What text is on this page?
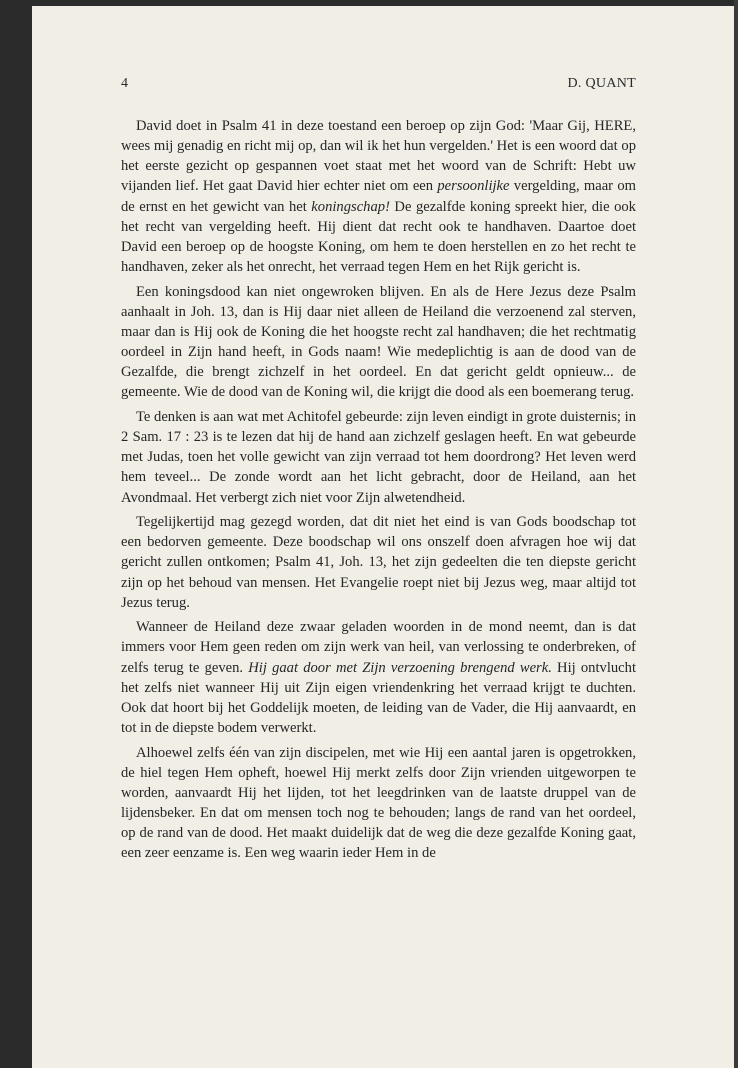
4	D. QUANT

David doet in Psalm 41 in deze toestand een beroep op zijn God: 'Maar Gij, HERE, wees mij genadig en richt mij op, dan wil ik het hun vergelden.' Het is een woord dat op het eerste gezicht op gespannen voet staat met het woord van de Schrift: Hebt uw vijanden lief. Het gaat David hier echter niet om een persoonlijke vergelding, maar om de ernst en het gewicht van het koningschap! De gezalfde koning spreekt hier, die ook het recht van vergelding heeft. Hij dient dat recht ook te handhaven. Daartoe doet David een beroep op de hoogste Koning, om hem te doen herstellen en zo het recht te handhaven, zeker als het onrecht, het verraad tegen Hem en het Rijk gericht is.

Een koningsdood kan niet ongewroken blijven. En als de Here Jezus deze Psalm aanhaalt in Joh. 13, dan is Hij daar niet alleen de Heiland die verzoenend zal sterven, maar dan is Hij ook de Koning die het hoogste recht zal handhaven; die het rechtmatig oordeel in Zijn hand heeft, in Gods naam! Wie medeplichtig is aan de dood van de Gezalfde, die brengt zichzelf in het oordeel. En dat gericht geldt opnieuw... de gemeente. Wie de dood van de Koning wil, die krijgt die dood als een boemerang terug.

Te denken is aan wat met Achitofel gebeurde: zijn leven eindigt in grote duisternis; in 2 Sam. 17 : 23 is te lezen dat hij de hand aan zichzelf geslagen heeft. En wat gebeurde met Judas, toen het volle gewicht van zijn verraad tot hem doordrong? Het leven werd hem teveel... De zonde wordt aan het licht gebracht, door de Heiland, aan het Avondmaal. Het verbergt zich niet voor Zijn alwetendheid.

Tegelijkertijd mag gezegd worden, dat dit niet het eind is van Gods boodschap tot een bedorven gemeente. Deze boodschap wil ons onszelf doen afvragen hoe wij dat gericht zullen ontkomen; Psalm 41, Joh. 13, het zijn gedeelten die ten diepste gericht zijn op het behoud van mensen. Het Evangelie roept niet bij Jezus weg, maar altijd tot Jezus terug.

Wanneer de Heiland deze zwaar geladen woorden in de mond neemt, dan is dat immers voor Hem geen reden om zijn werk van heil, van verlossing te onderbreken, of zelfs terug te geven. Hij gaat door met Zijn verzoening brengend werk. Hij ontvlucht het zelfs niet wanneer Hij uit Zijn eigen vriendenkring het verraad krijgt te duchten. Ook dat hoort bij het Goddelijk moeten, de leiding van de Vader, die Hij aanvaardt, en tot in de diepste bodem verwerkt.

Alhoewel zelfs één van zijn discipelen, met wie Hij een aantal jaren is opgetrokken, de hiel tegen Hem opheft, hoewel Hij merkt zelfs door Zijn vrienden uitgeworpen te worden, aanvaardt Hij het lijden, tot het leegdrinken van de laatste druppel van de lijdensbeker. En dat om mensen toch nog te behouden; langs de rand van het oordeel, op de rand van de dood. Het maakt duidelijk dat de weg die deze gezalfde Koning gaat, een zeer eenzame is. Een weg waarin ieder Hem in de
